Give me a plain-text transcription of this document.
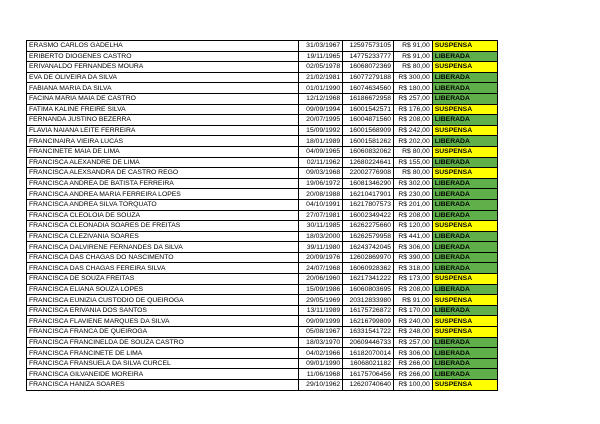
ERASMO CARLOS GADELHA	31/03/1967	12597573105	R$ 91,00	SUSPENSA
ERIBERTO DIOGENES CASTRO	19/11/1965	14775233777	R$ 91,00	LIBERADA
ERIVANALDO FERNANDES MOURA	02/05/1978	16068072369	R$ 80,00	SUSPENSA
EVA DE OLIVEIRA DA SILVA	21/02/1981	16077279188	R$ 300,00	LIBERADA
FABIANA MARIA DA SILVA	01/01/1990	16074634560	R$ 180,00	LIBERADA
FACINA MARIA MAIA DE CASTRO	12/12/1968	16186672958	R$ 257,00	LIBERADA
FATIMA KALINE FREIRE SILVA	09/09/1994	16001542571	R$ 176,00	SUSPENSA
FERNANDA JUSTINO BEZERRA	20/07/1995	16004871560	R$ 208,00	LIBERADA
FLAVIA NAIANA LEITE FERREIRA	15/09/1992	16001568909	R$ 242,00	SUSPENSA
FRANCINAIRA VIEIRA LUCAS	18/01/1989	16001581262	R$ 202,00	LIBERADA
FRANCINETE MAIA DE LIMA	04/09/1965	16060832062	R$ 80,00	SUSPENSA
FRANCISCA ALEXANDRE DE LIMA	02/11/1962	12680224641	R$ 155,00	LIBERADA
FRANCISCA ALEXSANDRA DE CASTRO REGO	09/03/1968	22002776908	R$ 80,00	SUSPENSA
FRANCISCA ANDREA DE BATISTA FERREIRA	19/06/1972	16081346290	R$ 302,00	LIBERADA
FRANCISCA ANDREA MARIA FERREIRA LOPES	20/08/1988	16210417901	R$ 230,00	LIBERADA
FRANCISCA ANDREA SILVA TORQUATO	04/10/1991	16217807573	R$ 201,00	LIBERADA
FRANCISCA CLEOLOIA DE SOUZA	27/07/1981	16002349422	R$ 208,00	LIBERADA
FRANCISCA CLEONADIA SOARES DE FREITAS	30/11/1985	16262275660	R$ 120,00	SUSPENSA
FRANCISCA CLEZIVANIA SOARES	18/03/2000	16262579958	R$ 441,00	LIBERADA
FRANCISCA DALVIRENE FERNANDES DA SILVA	39/11/1980	16243742045	R$ 306,00	LIBERADA
FRANCISCA DAS CHAGAS DO NASCIMENTO	20/09/1976	12602869970	R$ 390,00	LIBERADA
FRANCISCA DAS CHAGAS FEREIRA SILVA	24/07/1968	16060928362	R$ 318,00	LIBERADA
FRANCISCA DE SOUZA FREITAS	20/06/1960	16217341222	R$ 173,00	SUSPENSA
FRANCISCA ELIANA SOUZA LOPES	15/09/1986	16060803695	R$ 208,00	LIBERADA
FRANCISCA EUNIZIA CUSTODIO DE QUEIROGA	29/05/1969	20312833980	R$ 91,00	SUSPENSA
FRANCISCA ERIVANIA DOS SANTOS	13/11/1989	16175726872	R$ 170,00	LIBERADA
FRANCISCA FLAVIENE MARQUES DA SILVA	09/09/1999	16216799809	R$ 240,00	SUSPENSA
FRANCISCA FRANCA DE QUEIROGA	05/08/1967	16331541722	R$ 248,00	SUSPENSA
FRANCISCA FRANCINELDA DE SOUZA CASTRO	18/03/1970	20609446733	R$ 257,00	LIBERADA
FRANCISCA FRANCINETE DE LIMA	04/02/1966	16182070014	R$ 306,00	LIBERADA
FRANCISCA FRANSUELA DA SILVA CURCEL	09/01/1990	16068021182	R$ 266,00	LIBERADA
FRANCISCA GILVANEIDE MOREIRA	11/06/1968	16175706456	R$ 266,00	LIBERADA
FRANCISCA HANIZA SOARES	29/10/1962	12620740640	R$ 100,00	SUSPENSA
